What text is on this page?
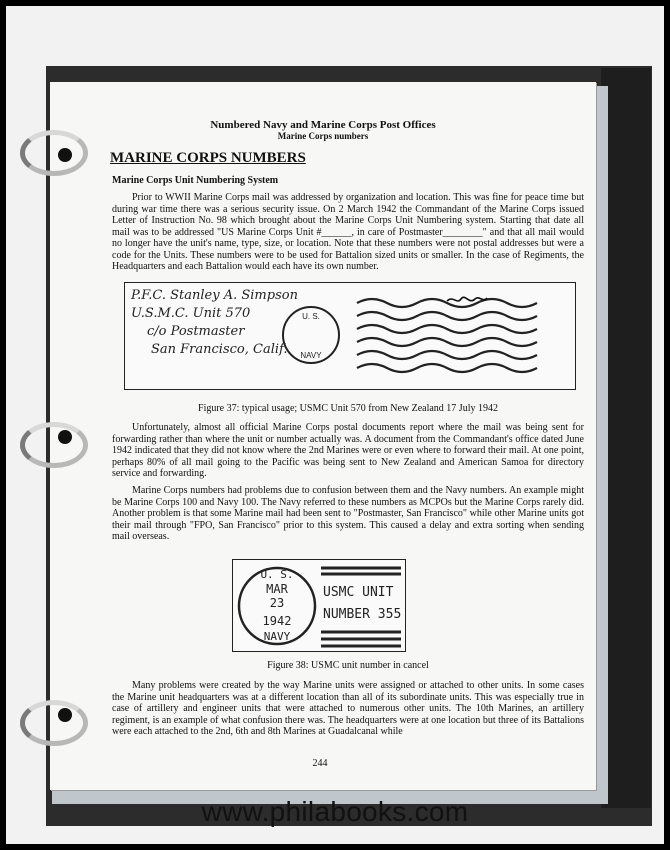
Numbered Navy and Marine Corps Post Offices
Marine Corps numbers
MARINE CORPS NUMBERS
Marine Corps Unit Numbering System

Prior to WWII Marine Corps mail was addressed by organization and location. This was fine for peace time but during war time there was a serious security issue. On 2 March 1942 the Commandant of the Marine Corps issued Letter of Instruction No. 98 which brought about the Marine Corps Unit Numbering system. Starting that date all mail was to be addressed "US Marine Corps Unit #______, in care of Postmaster________" and that all mail would no longer have the unit's name, type, size, or location. Note that these numbers were not postal addresses but were a code for the Units. These numbers were to be used for Battalion sized units or smaller. In the case of Regiments, the Headquarters and each Battalion would each have its own number.

P.F.C. Stanley A. Simpson
U.S.M.C. Unit 570
c/o Postmaster
San Francisco, Calif.
U. S.
NAVY
Figure 37: typical usage; USMC Unit 570 from New Zealand 17 July 1942

Unfortunately, almost all official Marine Corps postal documents report where the mail was being sent for forwarding rather than where the unit or number actually was. A document from the Commandant's office dated June 1942 indicated that they did not know where the 2nd Marines were or even where to forward their mail. At one point, perhaps 80% of all mail going to the Pacific was being sent to New Zealand and American Samoa for directory service and forwarding.

Marine Corps numbers had problems due to confusion between them and the Navy numbers. An example might be Marine Corps 100 and Navy 100. The Navy referred to these numbers as MCPOs but the Marine Corps rarely did. Another problem is that some Marine mail had been sent to "Postmaster, San Francisco" while other Marine units got their mail through "FPO, San Francisco" prior to this system. This caused a delay and extra sorting when sending mail overseas.

U. S.
MAR
23
1942
NAVY
USMC UNIT
NUMBER 355
Figure 38: USMC unit number in cancel

Many problems were created by the way Marine units were assigned or attached to other units. In some cases the Marine unit headquarters was at a different location than all of its subordinate units. This was especially true in case of artillery and engineer units that were attached to numerous other units. The 10th Marines, an artillery regiment, is an example of what confusion there was. The headquarters were at one location but three of its Battalions were each attached to the 2nd, 6th and 8th Marines at Guadalcanal while

244
www.philabooks.com
